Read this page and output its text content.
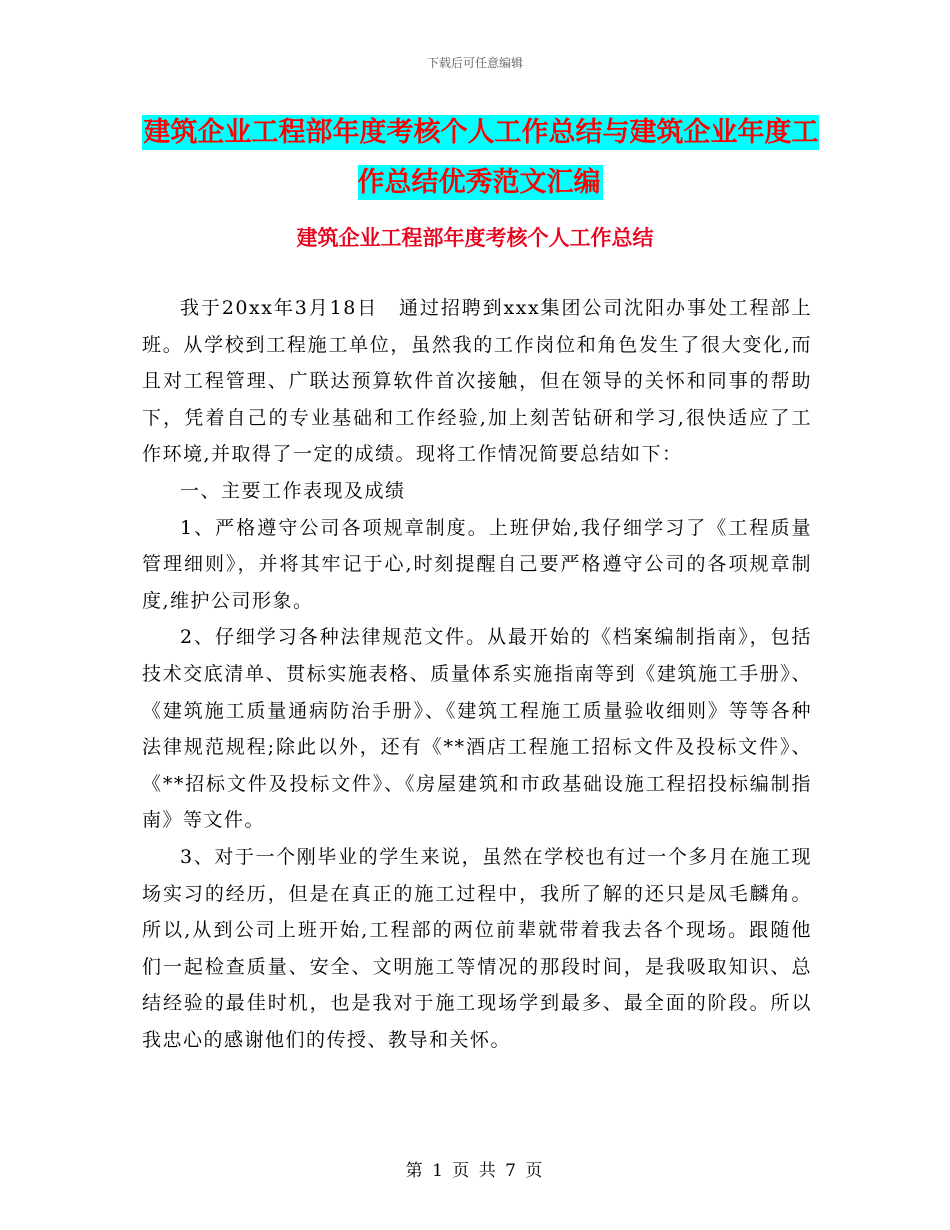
下载后可任意编辑
建筑企业工程部年度考核个人工作总结与建筑企业年度工作总结优秀范文汇编
建筑企业工程部年度考核个人工作总结

我于20xx年3月18日　通过招聘到xxx集团公司沈阳办事处工程部上班。从学校到工程施工单位，虽然我的工作岗位和角色发生了很大变化,而且对工程管理、广联达预算软件首次接触，但在领导的关怀和同事的帮助下，凭着自己的专业基础和工作经验,加上刻苦钻研和学习,很快适应了工作环境,并取得了一定的成绩。现将工作情况简要总结如下：

一、主要工作表现及成绩

1、严格遵守公司各项规章制度。上班伊始,我仔细学习了《工程质量管理细则》，并将其牢记于心,时刻提醒自己要严格遵守公司的各项规章制度,维护公司形象。

2、仔细学习各种法律规范文件。从最开始的《档案编制指南》，包括技术交底清单、贯标实施表格、质量体系实施指南等到《建筑施工手册》、《建筑施工质量通病防治手册》、《建筑工程施工质量验收细则》等等各种法律规范规程;除此以外，还有《**酒店工程施工招标文件及投标文件》、《**招标文件及投标文件》、《房屋建筑和市政基础设施工程招投标编制指南》等文件。

3、对于一个刚毕业的学生来说，虽然在学校也有过一个多月在施工现场实习的经历，但是在真正的施工过程中，我所了解的还只是凤毛麟角。所以,从到公司上班开始,工程部的两位前辈就带着我去各个现场。跟随他们一起检查质量、安全、文明施工等情况的那段时间，是我吸取知识、总结经验的最佳时机，也是我对于施工现场学到最多、最全面的阶段。所以我忠心的感谢他们的传授、教导和关怀。

第 1 页 共 7 页
